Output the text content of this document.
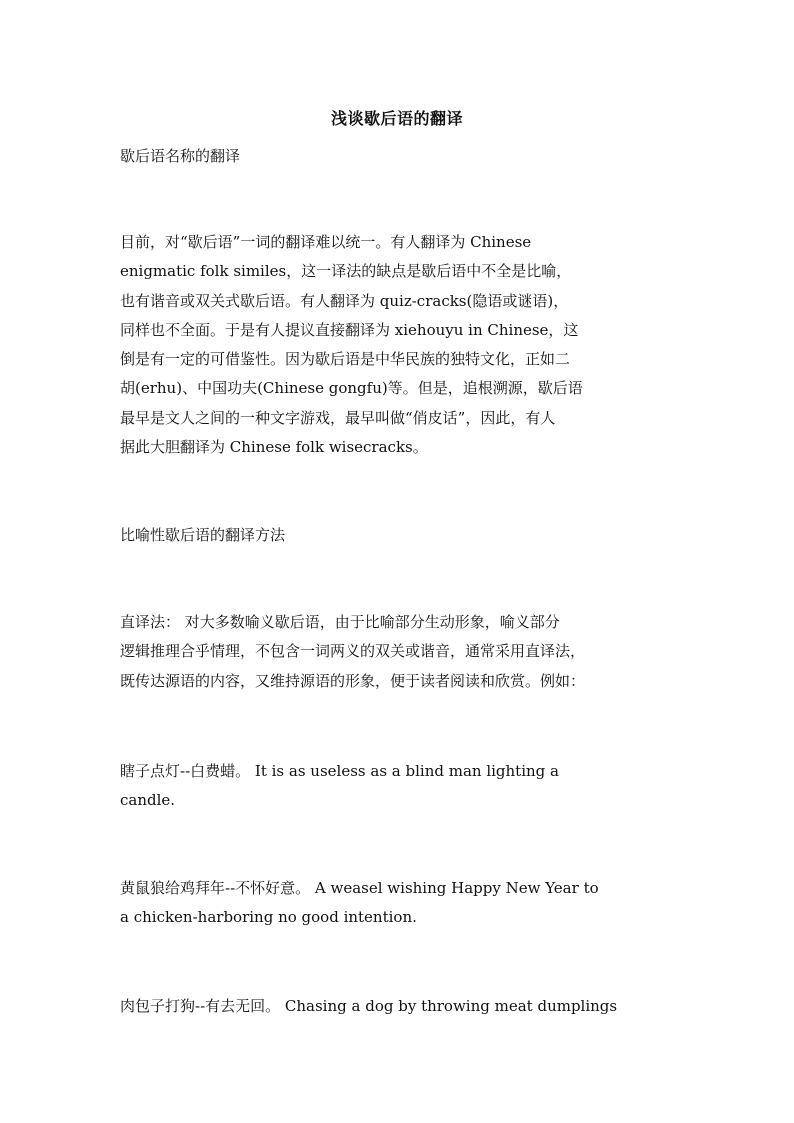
浅谈歇后语的翻译
歇后语名称的翻译
目前，对“歇后语”一词的翻译难以统一。有人翻译为 Chinese
enigmatic folk similes，这一译法的缺点是歇后语中不全是比喻，
也有谐音或双关式歇后语。有人翻译为 quiz-cracks(隐语或谜语)，
同样也不全面。于是有人提议直接翻译为 xiehouyu in Chinese，这
倒是有一定的可借鉴性。因为歇后语是中华民族的独特文化，正如二
胡(erhu)、中国功夫(Chinese gongfu)等。但是，追根溯源，歇后语
最早是文人之间的一种文字游戏，最早叫做“俏皮话”，因此，有人
据此大胆翻译为 Chinese folk wisecracks。
比喻性歇后语的翻译方法
直译法： 对大多数喻义歇后语，由于比喻部分生动形象，喻义部分
逻辑推理合乎情理，不包含一词两义的双关或谐音，通常采用直译法，
既传达源语的内容，又维持源语的形象，便于读者阅读和欣赏。例如：
瞎子点灯--白费蜡。 It is as useless as a blind man lighting a
candle.
黄鼠狼给鸡拜年--不怀好意。 A weasel wishing Happy New Year to
a chicken-harboring no good intention.
肉包子打狗--有去无回。 Chasing a dog by throwing meat dumplings
